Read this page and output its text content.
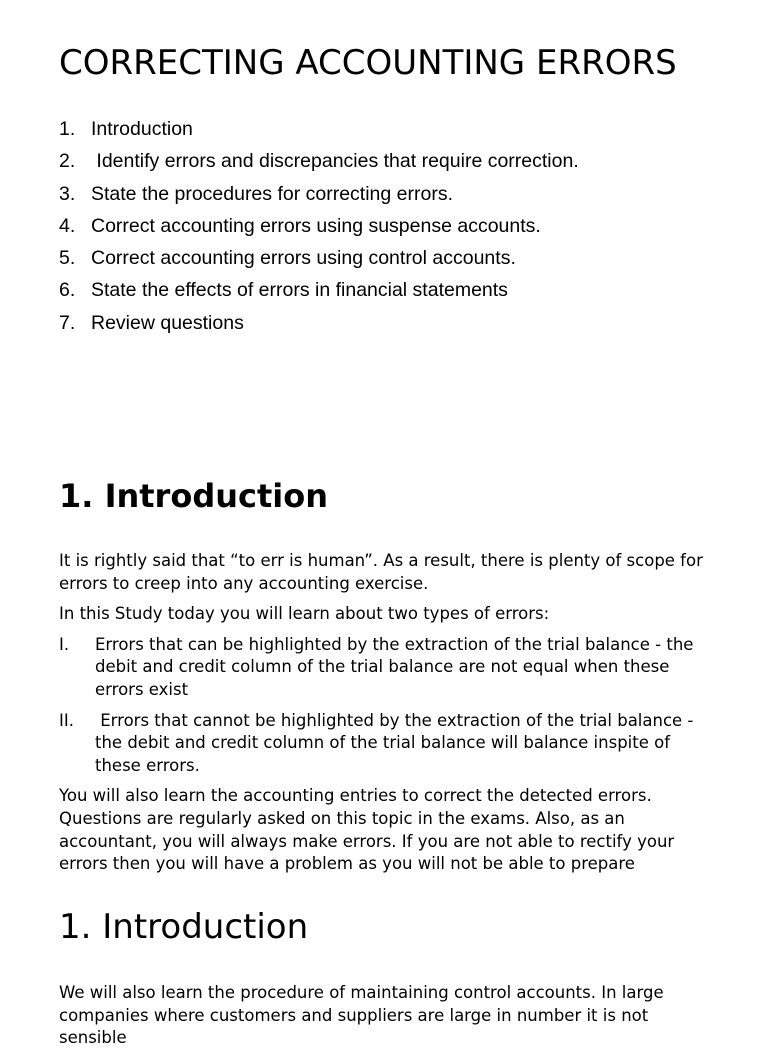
CORRECTING ACCOUNTING ERRORS
1 .	Introduction
2 .	Identify errors and discrepancies that require correction.
3 .	State the procedures for correcting errors.
4 .	Correct accounting errors using suspense accounts.
5 .	Correct accounting errors using control accounts.
6 .	State the effects of errors in financial statements
7 .	Review questions
1. Introduction

It is rightly said that “to err is human”. As a result, there is plenty of scope for errors to creep into any accounting exercise.

In this Study today you will learn about two types of errors:

I .	Errors that can be highlighted by the extraction of the trial balance - the debit and credit column of the trial balance are not equal when these errors exist
II .	Errors that cannot be highlighted by the extraction of the trial balance - the debit and credit column of the trial balance will balance inspite of these errors.

You will also learn the accounting entries to correct the detected errors. Questions are regularly asked on this topic in the exams. Also, as an accountant, you will always make errors. If you are not able to rectify your errors then you will have a problem as you will not be able to prepare

1. Introduction

We will also learn the procedure of maintaining control accounts. In large companies where customers and suppliers are large in number it is not sensible
